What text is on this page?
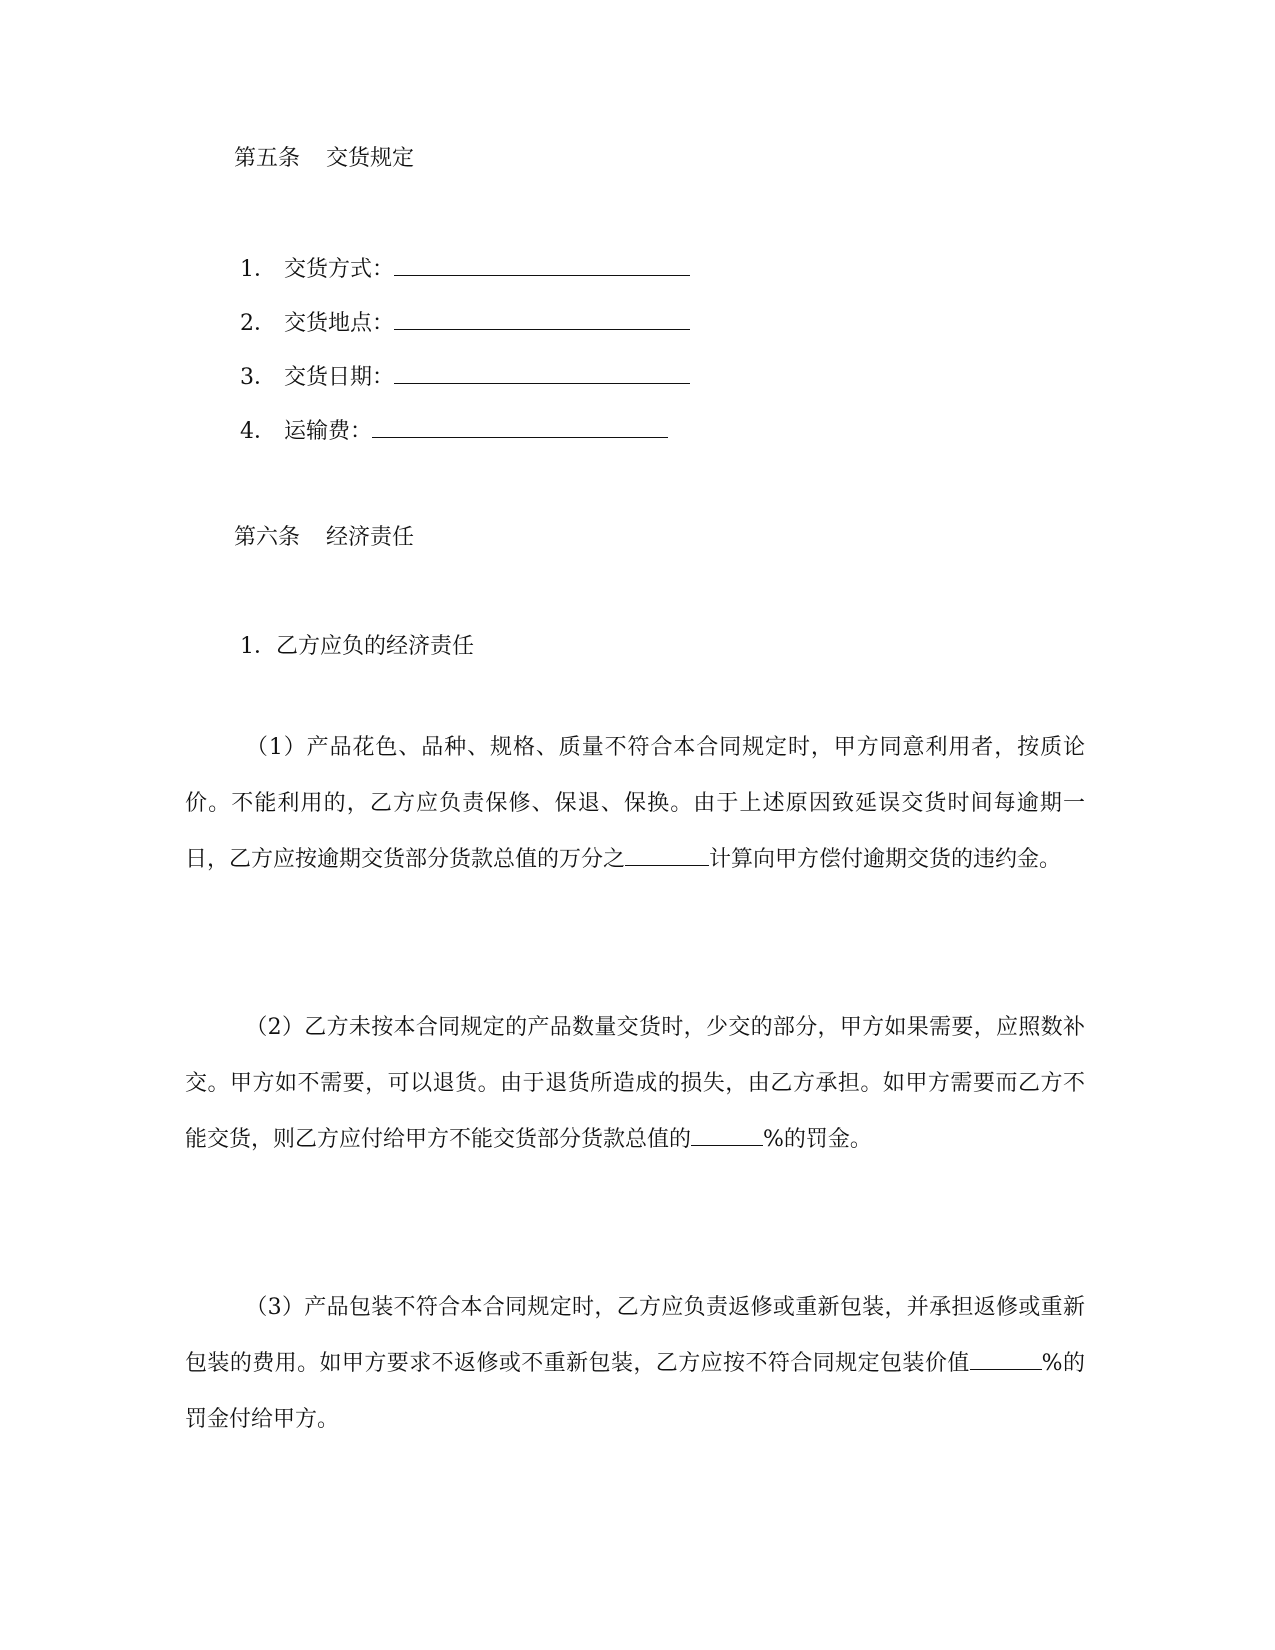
第五条 交货规定
1． 交货方式：
2． 交货地点：
3． 交货日期：
4． 运输费：
第六条 经济责任
1．乙方应负的经济责任
（1）产品花色、品种、规格、质量不符合本合同规定时，甲方同意利用者，按质论价。不能利用的，乙方应负责保修、保退、保换。由于上述原因致延误交货时间每逾期一日，乙方应按逾期交货部分货款总值的万分之	计算向甲方偿付逾期交货的违约金。
（2）乙方未按本合同规定的产品数量交货时，少交的部分，甲方如果需要，应照数补交。甲方如不需要，可以退货。由于退货所造成的损失，由乙方承担。如甲方需要而乙方不能交货，则乙方应付给甲方不能交货部分货款总值的	%的罚金。
（3）产品包装不符合本合同规定时，乙方应负责返修或重新包装，并承担返修或重新包装的费用。如甲方要求不返修或不重新包装，乙方应按不符合同规定包装价值	%的罚金付给甲方。
